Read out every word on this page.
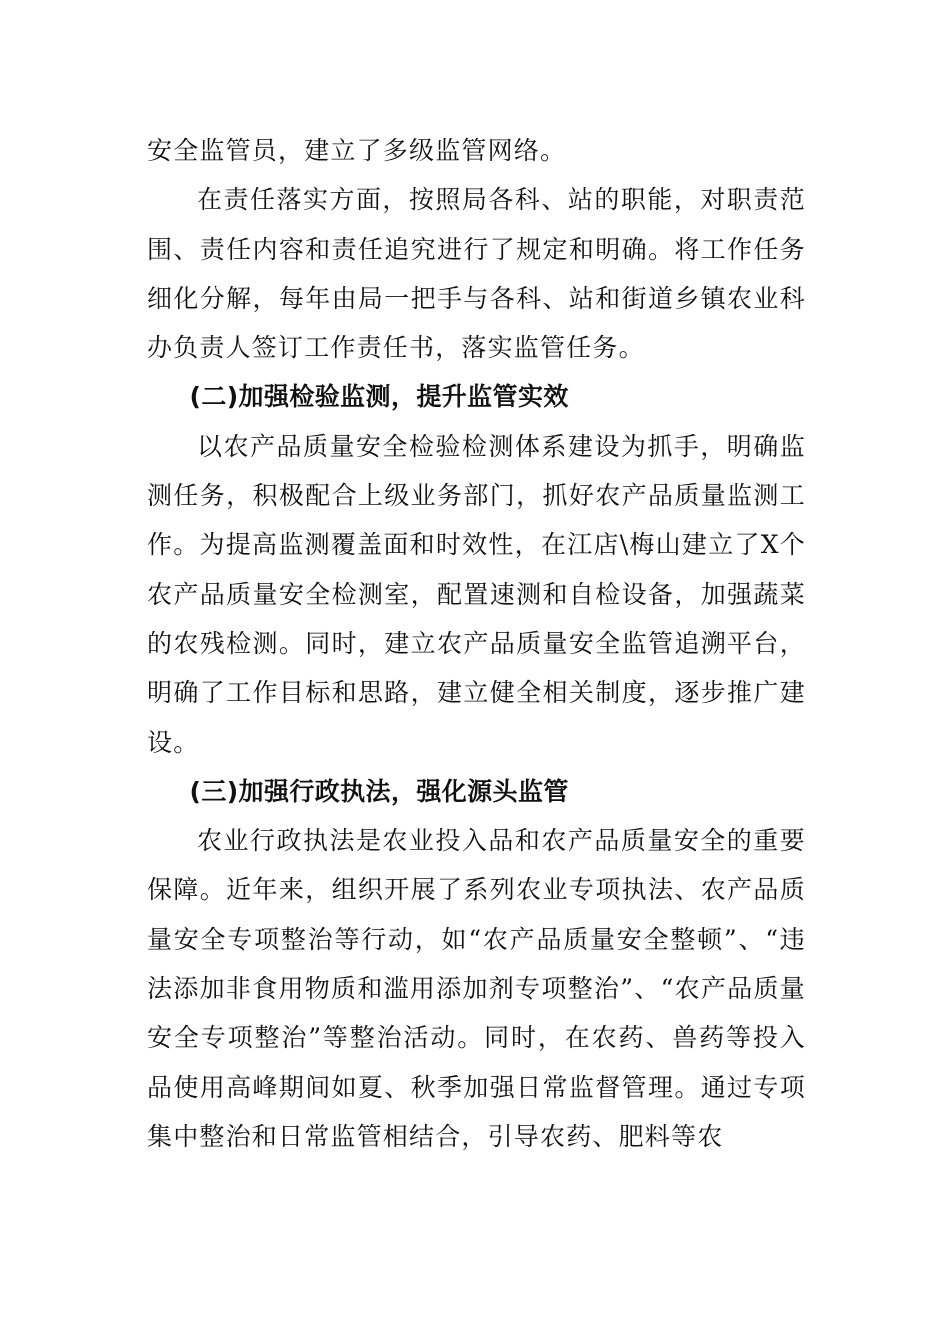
安全监管员，建立了多级监管网络。

在责任落实方面，按照局各科、站的职能，对职责范围、责任内容和责任追究进行了规定和明确。将工作任务细化分解，每年由局一把手与各科、站和街道乡镇农业科办负责人签订工作责任书，落实监管任务。

(二)加强检验监测，提升监管实效

以农产品质量安全检验检测体系建设为抓手，明确监测任务，积极配合上级业务部门，抓好农产品质量监测工作。为提高监测覆盖面和时效性，在江店\梅山建立了X个农产品质量安全检测室，配置速测和自检设备，加强蔬菜的农残检测。同时，建立农产品质量安全监管追溯平台，明确了工作目标和思路，建立健全相关制度，逐步推广建设。

(三)加强行政执法，强化源头监管

农业行政执法是农业投入品和农产品质量安全的重要保障。近年来，组织开展了系列农业专项执法、农产品质量安全专项整治等行动，如“农产品质量安全整顿”、“违法添加非食用物质和滥用添加剂专项整治”、“农产品质量安全专项整治”等整治活动。同时，在农药、兽药等投入品使用高峰期间如夏、秋季加强日常监督管理。通过专项集中整治和日常监管相结合，引导农药、肥料等农
